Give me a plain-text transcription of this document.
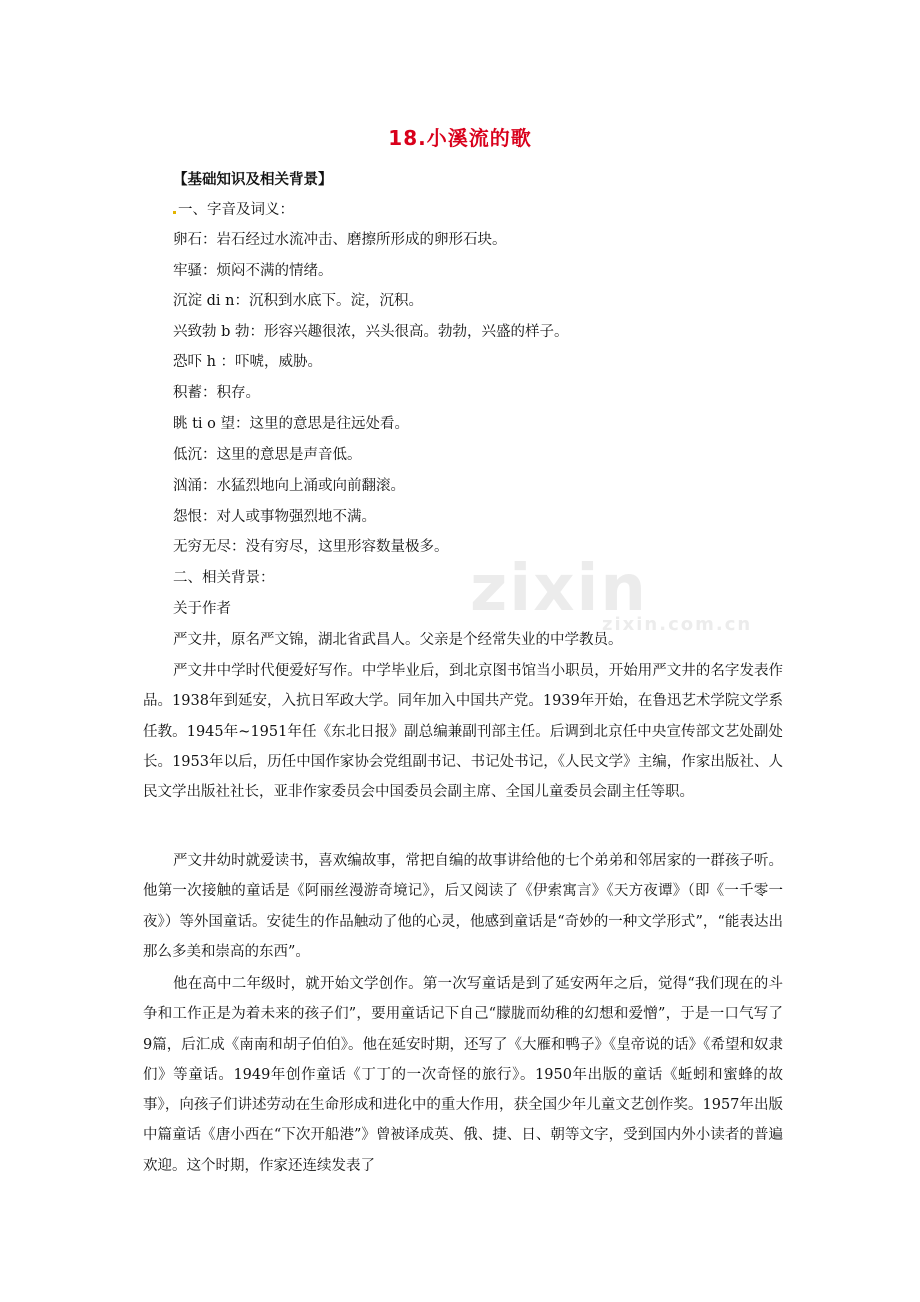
zixin
zixin.com.cn
18.小溪流的歌
【基础知识及相关背景】
一、字音及词义：
卵石：岩石经过水流冲击、磨擦所形成的卵形石块。
牢骚：烦闷不满的情绪。
沉淀 di n：沉积到水底下。淀，沉积。
兴致勃 b 勃：形容兴趣很浓，兴头很高。勃勃，兴盛的样子。
恐吓 h ：吓唬，威胁。
积蓄：积存。
眺 ti o 望：这里的意思是往远处看。
低沉：这里的意思是声音低。
汹涌：水猛烈地向上涌或向前翻滚。
怨恨：对人或事物强烈地不满。
无穷无尽：没有穷尽，这里形容数量极多。
二、相关背景：
关于作者
严文井，原名严文锦，湖北省武昌人。父亲是个经常失业的中学教员。
严文井中学时代便爱好写作。中学毕业后，到北京图书馆当小职员，开始用严文井的名字发表作品。1938年到延安，入抗日军政大学。同年加入中国共产党。1939年开始，在鲁迅艺术学院文学系任教。1945年~1951年任《东北日报》副总编兼副刊部主任。后调到北京任中央宣传部文艺处副处长。1953年以后，历任中国作家协会党组副书记、书记处书记，《人民文学》主编，作家出版社、人民文学出版社社长，亚非作家委员会中国委员会副主席、全国儿童委员会副主任等职。
严文井幼时就爱读书，喜欢编故事，常把自编的故事讲给他的七个弟弟和邻居家的一群孩子听。他第一次接触的童话是《阿丽丝漫游奇境记》，后又阅读了《伊索寓言》《天方夜谭》（即《一千零一夜》）等外国童话。安徒生的作品触动了他的心灵，他感到童话是“奇妙的一种文学形式”，“能表达出那么多美和崇高的东西”。
他在高中二年级时，就开始文学创作。第一次写童话是到了延安两年之后，觉得“我们现在的斗争和工作正是为着未来的孩子们”，要用童话记下自己“朦胧而幼稚的幻想和爱憎”，于是一口气写了9篇，后汇成《南南和胡子伯伯》。他在延安时期，还写了《大雁和鸭子》《皇帝说的话》《希望和奴隶们》等童话。1949年创作童话《丁丁的一次奇怪的旅行》。1950年出版的童话《蚯蚓和蜜蜂的故事》，向孩子们讲述劳动在生命形成和进化中的重大作用，获全国少年儿童文艺创作奖。1957年出版中篇童话《唐小西在“下次开船港”》曾被译成英、俄、捷、日、朝等文字，受到国内外小读者的普遍欢迎。这个时期，作家还连续发表了
